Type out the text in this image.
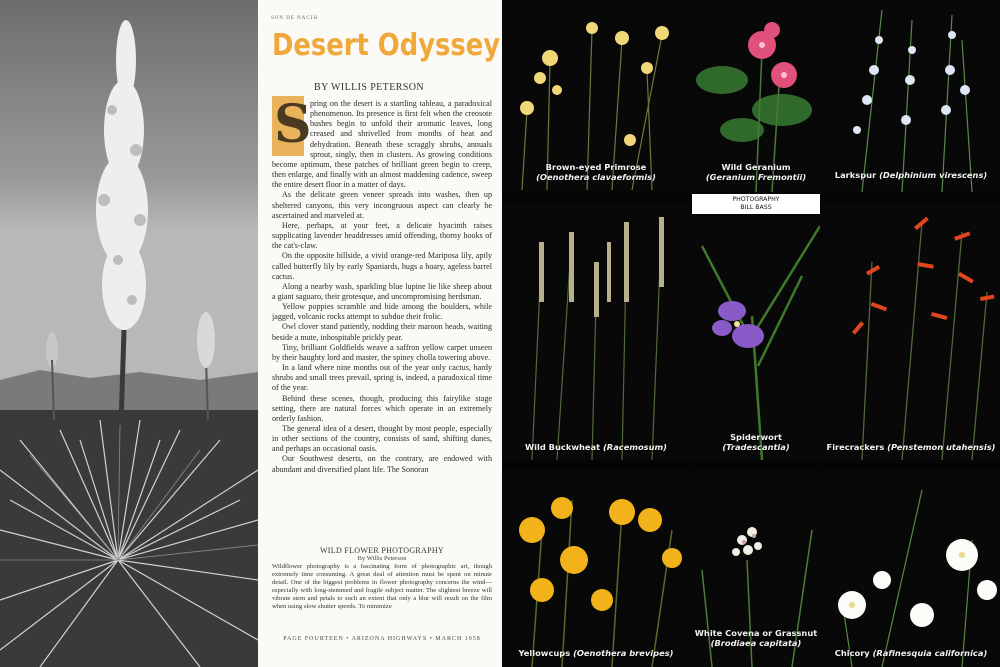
SON DE NACIH
Desert Odyssey
BY WILLIS PETERSON
S

pring on the desert is a startling tableau, a paradoxical phenomenon. Its presence is first felt when the creosote bushes begin to unfold their aromatic leaves, long creased and shrivelled from months of heat and dehydration. Beneath these scraggly shrubs, annuals sprout, singly, then in clusters. As growing conditions become optimum, these patches of brilliant green begin to creep, then enlarge, and finally with an almost maddening cadence, sweep the entire desert floor in a matter of days.

As the delicate green veneer spreads into washes, then up sheltered canyons, this very incongruous aspect can clearly be ascertained and marveled at.

Here, perhaps, at your feet, a delicate hyacinth raises supplicating lavender headdresses amid offending, thorny hooks of the cat's-claw.

On the opposite hillside, a vivid orange-red Mariposa lily, aptly called butterfly lily by early Spaniards, hugs a hoary, ageless barrel cactus.

Along a nearby wash, sparkling blue lupine lie like sheep about a giant saguaro, their grotesque, and uncompromising herdsman.

Yellow poppies scramble and hide among the boulders, while jagged, volcanic rocks attempt to subdue their frolic.

Owl clover stand patiently, nodding their maroon heads, waiting beside a mute, inhospitable prickly pear.

Tiny, brilliant Goldfields weave a saffron yellow carpet unseen by their haughty lord and master, the spiney cholla towering above.

In a land where nine months out of the year only cactus, hardy shrubs and small trees prevail, spring is, indeed, a paradoxical time of the year.

Behind these scenes, though, producing this fairylike stage setting, there are natural forces which operate in an extremely orderly fashion.

The general idea of a desert, thought by most people, especially in other sections of the country, consists of sand, shifting dunes, and perhaps an occasional oasis.

Our Southwest deserts, on the contrary, are endowed with abundant and diversified plant life. The Sonoran

WILD FLOWER PHOTOGRAPHY
By Willis Peterson
Wildflower photography is a fascinating form of photographic art, though extremely time consuming. A great deal of attention must be spent on minute detail. One of the biggest problems in flower photography concerns the wind—especially with long-stemmed and fragile subject matter. The slightest breeze will vibrate stem and petals to such an extent that only a blur will result on the film when using slow shutter speeds. To minimize
PAGE FOURTEEN • ARIZONA HIGHWAYS • MARCH 1958
Brown-eyed Primrose
(Oenothera clavaeformis)
Wild Geranium
(Geranium Fremontii)	Larkspur (Delphinium virescens)
Wild Buckwheat (Racemosum)
Spiderwort
(Tradescantia)	Firecrackers (Penstemon utahensis)
Yellowcups (Oenothera brevipes)
White Covena or Grassnut
(Brodiaea capitata)
Chicory (Rafinesquia californica)
PHOTOGRAPHY
BILL BASS
